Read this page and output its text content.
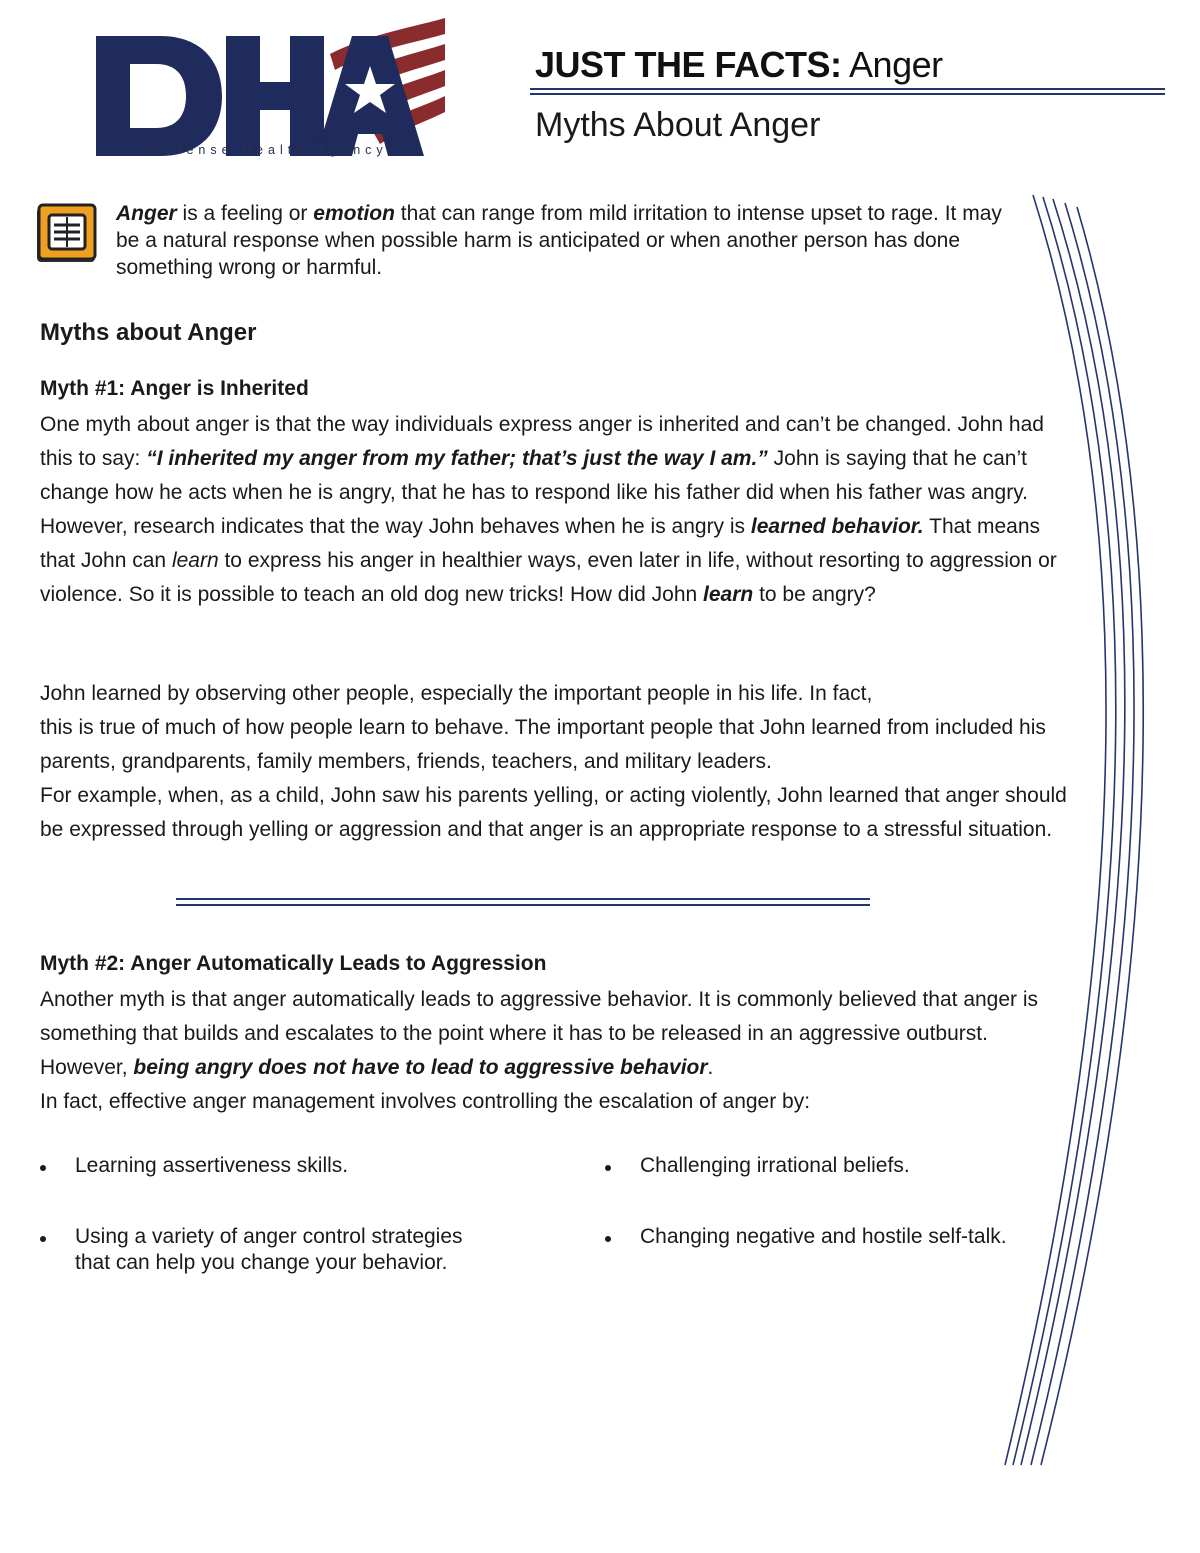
Defense Health Agency
JUST THE FACTS: Anger
Myths About Anger

Anger is a feeling or emotion that can range from mild irritation to intense upset to rage. It may be a natural response when possible harm is anticipated or when another person has done something wrong or harmful.

Myths about Anger
Myth #1: Anger is Inherited

One myth about anger is that the way individuals express anger is inherited and can’t be changed. John had this to say: “I inherited my anger from my father; that’s just the way I am.” John is saying that he can’t change how he acts when he is angry, that he has to respond like his father did when his father was angry. However, research indicates that the way John behaves when he is angry is learned behavior. That means that John can learn to express his anger in healthier ways, even later in life, without resorting to aggression or violence. So it is possible to teach an old dog new tricks! How did John learn to be angry?

John learned by observing other people, especially the important people in his life. In fact,
this is true of much of how people learn to behave. The important people that John learned from included his parents, grandparents, family members, friends, teachers, and military leaders.
For example, when, as a child, John saw his parents yelling, or acting violently, John learned that anger should be expressed through yelling or aggression and that anger is an appropriate response to a stressful situation.

Myth #2: Anger Automatically Leads to Aggression

Another myth is that anger automatically leads to aggressive behavior. It is commonly believed that anger is something that builds and escalates to the point where it has to be released in an aggressive outburst. However, being angry does not have to lead to aggressive behavior.
In fact, effective anger management involves controlling the escalation of anger by:

Learning assertiveness skills.	Challenging irrational beliefs.
Using a variety of anger control strategies that can help you change your behavior.
Changing negative and hostile self-talk.
